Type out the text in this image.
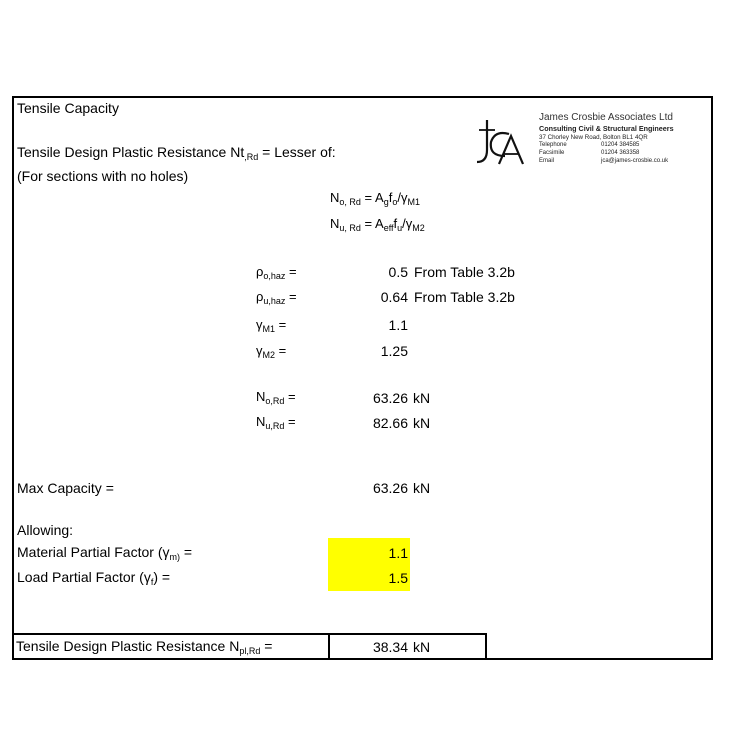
Tensile Capacity
Tensile Design Plastic Resistance $Nt_{,Rd}$ = Lesser of:
(For sections with no holes)
James Crosbie Associates Ltd
Consulting Civil & Structural Engineers
37 Chorley New Road, Bolton BL1 4QR
Telephone	01204 384585
Facsimile	01204 363358
Email	jca@james-crosbie.co.uk
$N_{o, Rd} = A_gf_o/\gamma_{M1}$
$N_{u, Rd} = A_{eff}f_u/\gamma_{M2}$
$\rho_{o,haz}$ =	0.5 From Table 3.2b
$\rho_{u,haz}$ =	0.64 From Table 3.2b
$\gamma_{M1}$ =	1.1
$\gamma_{M2}$ =	1.25
$N_{o,Rd}$ =	63.26 kN
$N_{u,Rd}$ =	82.66 kN
Max Capacity =	63.26 kN
Allowing:
Material Partial Factor ($\gamma_{m)}$ =	1.1
Load Partial Factor $(\gamma_f)$ =	1.5
Tensile Design Plastic Resistance $N_{pl,Rd}$ =	38.34 kN
